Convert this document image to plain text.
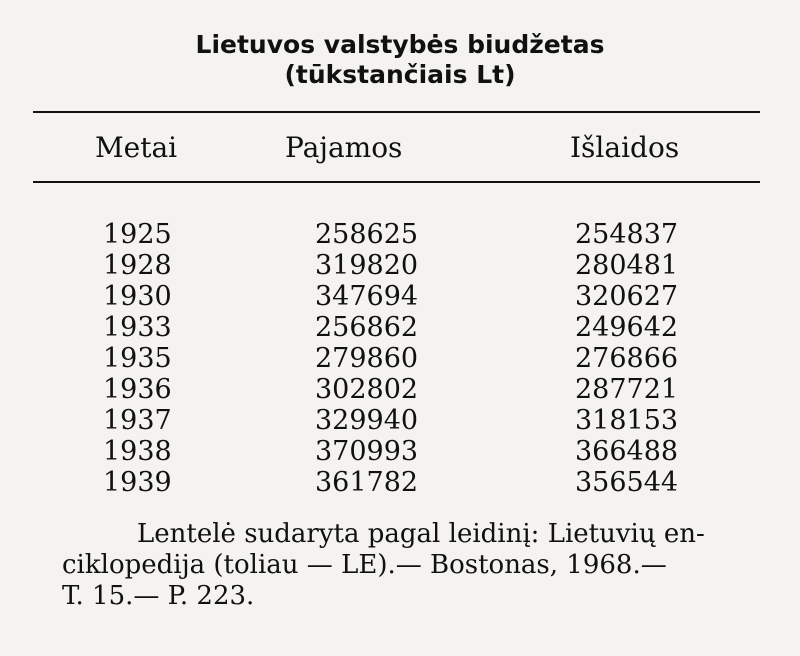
Lietuvos valstybės biudžetas
(tūkstančiais Lt)
Metai	Pajamos	Išlaidos
1925	258625	254837
1928	319820	280481
1930	347694	320627
1933	256862	249642
1935	279860	276866
1936	302802	287721
1937	329940	318153
1938	370993	366488
1939	361782	356544
Lentelė sudaryta pagal leidinį: Lietuvių en-
ciklopedija (toliau — LE).— Bostonas, 1968.—
T. 15.— P. 223.
